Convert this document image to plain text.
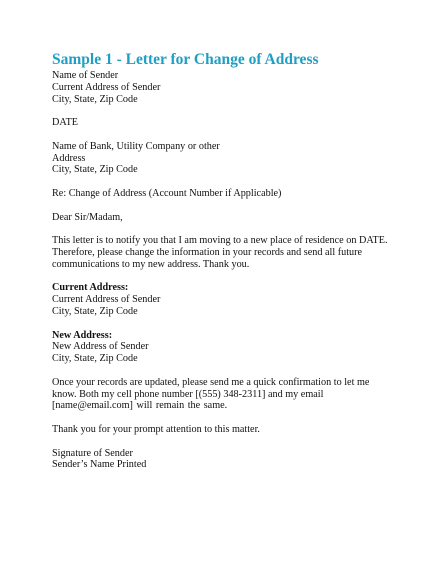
Sample 1 - Letter for Change of Address
Name of Sender
Current Address of Sender
City, State, Zip Code
DATE
Name of Bank, Utility Company or other
Address
City, State, Zip Code
Re: Change of Address (Account Number if Applicable)
Dear Sir/Madam,
This letter is to notify you that I am moving to a new place of residence on DATE.
Therefore, please change the information in your records and send all future
communications to my new address. Thank you.
Current Address:
Current Address of Sender
City, State, Zip Code
New Address:
New Address of Sender
City, State, Zip Code
Once your records are updated, please send me a quick confirmation to let me
know. Both my cell phone number [(555) 348-2311] and my email
[name@email.com] will remain the same.
Thank you for your prompt attention to this matter.
Signature of Sender
Sender’s Name Printed
